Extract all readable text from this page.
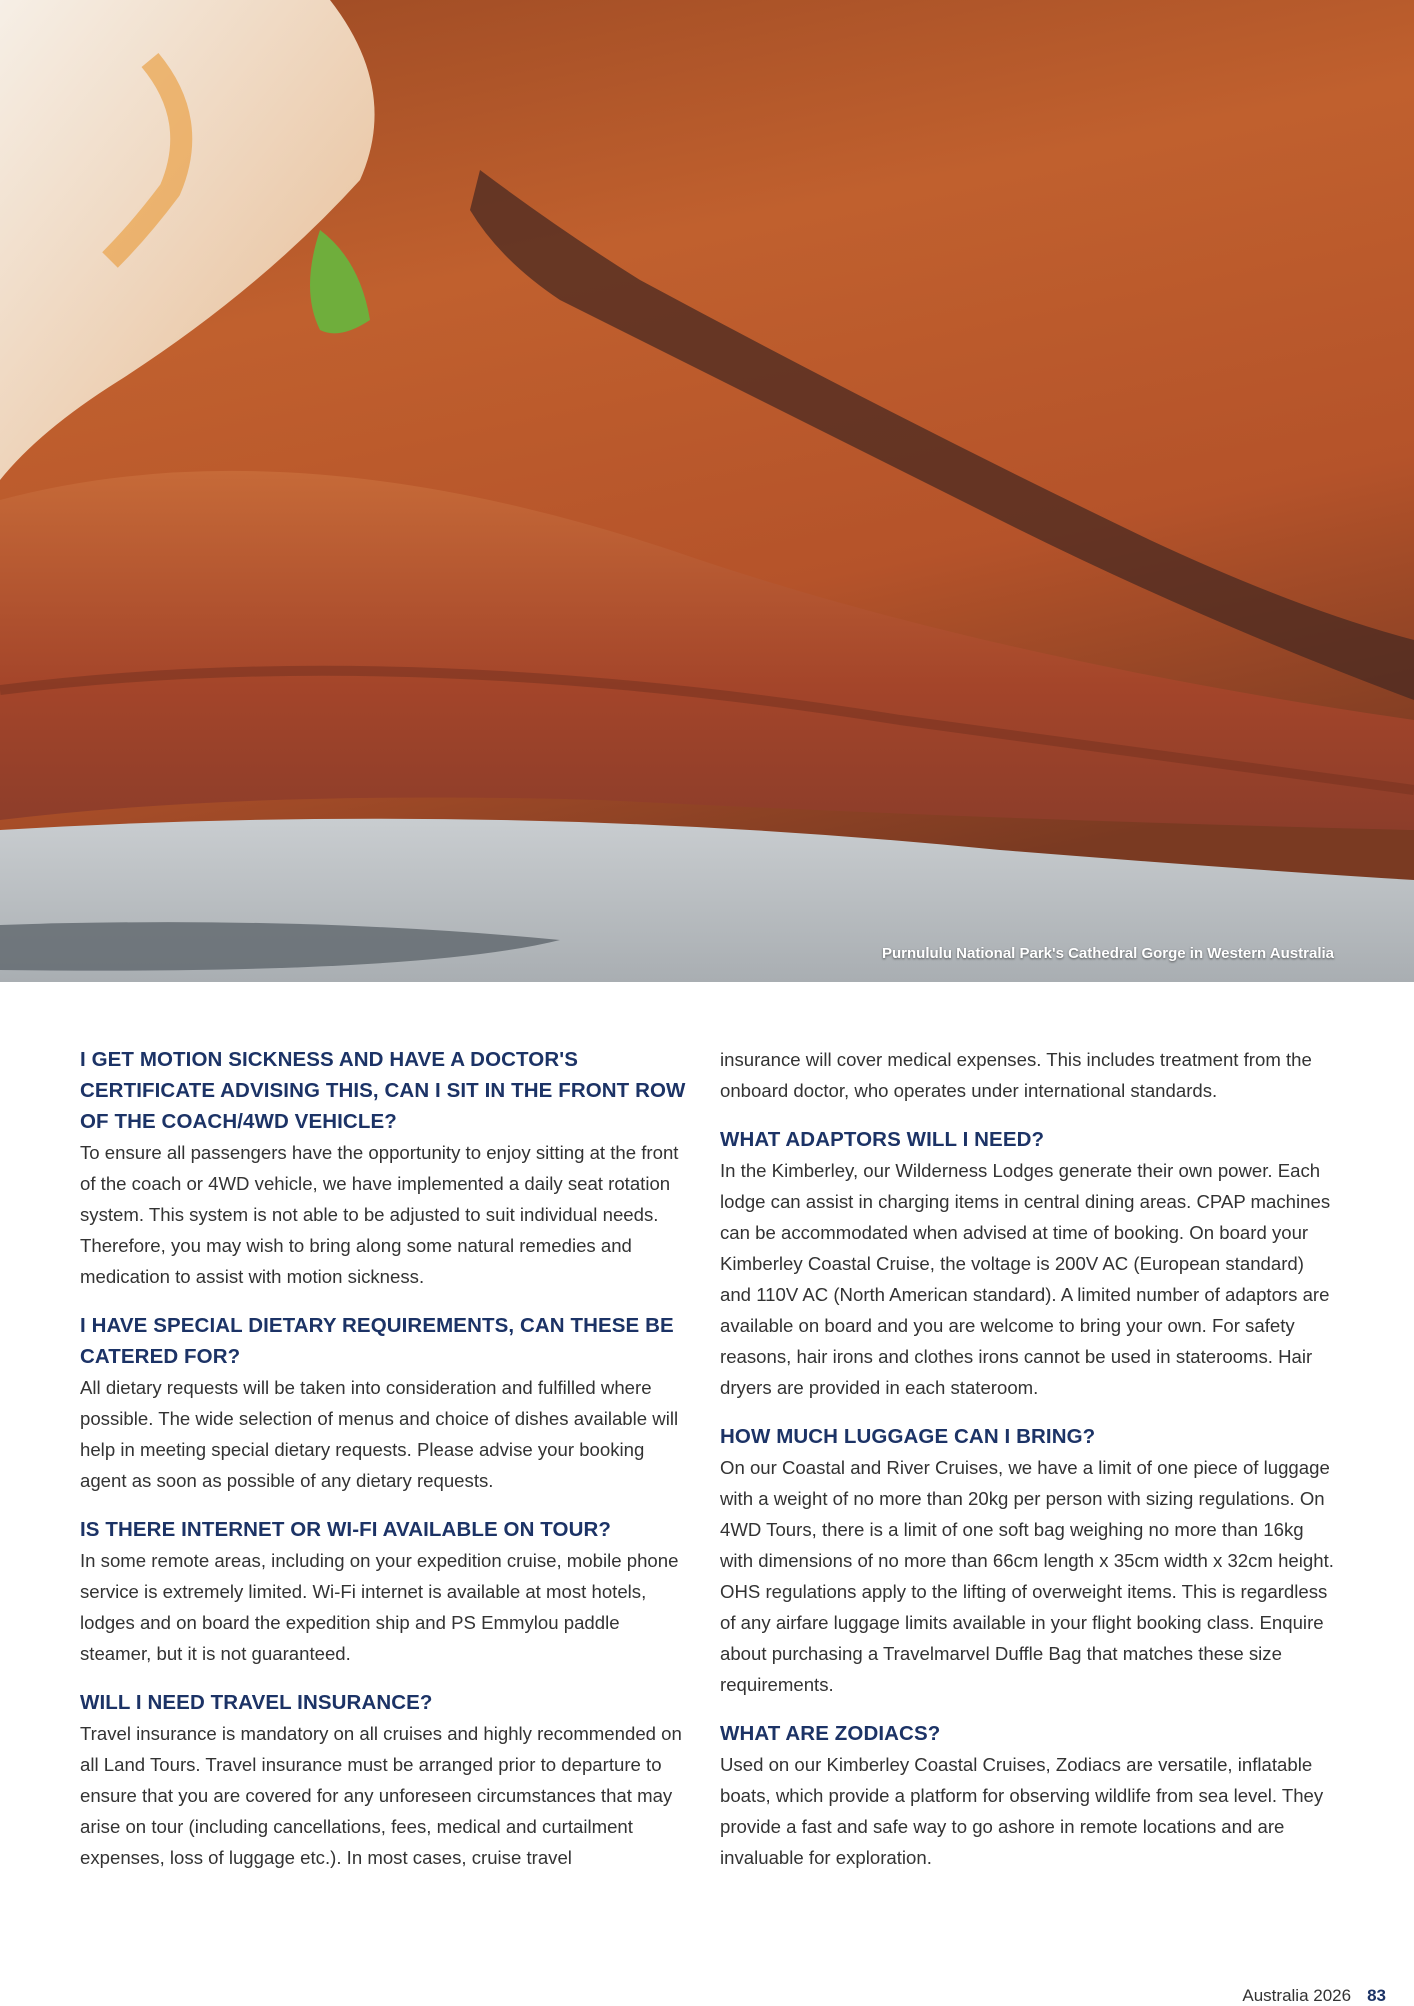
Purnululu National Park's Cathedral Gorge in Western Australia
I GET MOTION SICKNESS AND HAVE A DOCTOR'S CERTIFICATE ADVISING THIS, CAN I SIT IN THE FRONT ROW OF THE COACH/4WD VEHICLE?

To ensure all passengers have the opportunity to enjoy sitting at the front of the coach or 4WD vehicle, we have implemented a daily seat rotation system. This system is not able to be adjusted to suit individual needs. Therefore, you may wish to bring along some natural remedies and medication to assist with motion sickness.

I HAVE SPECIAL DIETARY REQUIREMENTS, CAN THESE BE CATERED FOR?

All dietary requests will be taken into consideration and fulfilled where possible. The wide selection of menus and choice of dishes available will help in meeting special dietary requests. Please advise your booking agent as soon as possible of any dietary requests.

IS THERE INTERNET OR WI-FI AVAILABLE ON TOUR?

In some remote areas, including on your expedition cruise, mobile phone service is extremely limited. Wi-Fi internet is available at most hotels, lodges and on board the expedition ship and PS Emmylou paddle steamer, but it is not guaranteed.

WILL I NEED TRAVEL INSURANCE?

Travel insurance is mandatory on all cruises and highly recommended on all Land Tours. Travel insurance must be arranged prior to departure to ensure that you are covered for any unforeseen circumstances that may arise on tour (including cancellations, fees, medical and curtailment expenses, loss of luggage etc.). In most cases, cruise travel

insurance will cover medical expenses. This includes treatment from the onboard doctor, who operates under international standards.

WHAT ADAPTORS WILL I NEED?

In the Kimberley, our Wilderness Lodges generate their own power. Each lodge can assist in charging items in central dining areas. CPAP machines can be accommodated when advised at time of booking. On board your Kimberley Coastal Cruise, the voltage is 200V AC (European standard) and 110V AC (North American standard). A limited number of adaptors are available on board and you are welcome to bring your own. For safety reasons, hair irons and clothes irons cannot be used in staterooms. Hair dryers are provided in each stateroom.

HOW MUCH LUGGAGE CAN I BRING?

On our Coastal and River Cruises, we have a limit of one piece of luggage with a weight of no more than 20kg per person with sizing regulations. On 4WD Tours, there is a limit of one soft bag weighing no more than 16kg with dimensions of no more than 66cm length x 35cm width x 32cm height. OHS regulations apply to the lifting of overweight items. This is regardless of any airfare luggage limits available in your flight booking class. Enquire about purchasing a Travelmarvel Duffle Bag that matches these size requirements.

WHAT ARE ZODIACS?

Used on our Kimberley Coastal Cruises, Zodiacs are versatile, inflatable boats, which provide a platform for observing wildlife from sea level. They provide a fast and safe way to go ashore in remote locations and are invaluable for exploration.

Australia 2026 83
